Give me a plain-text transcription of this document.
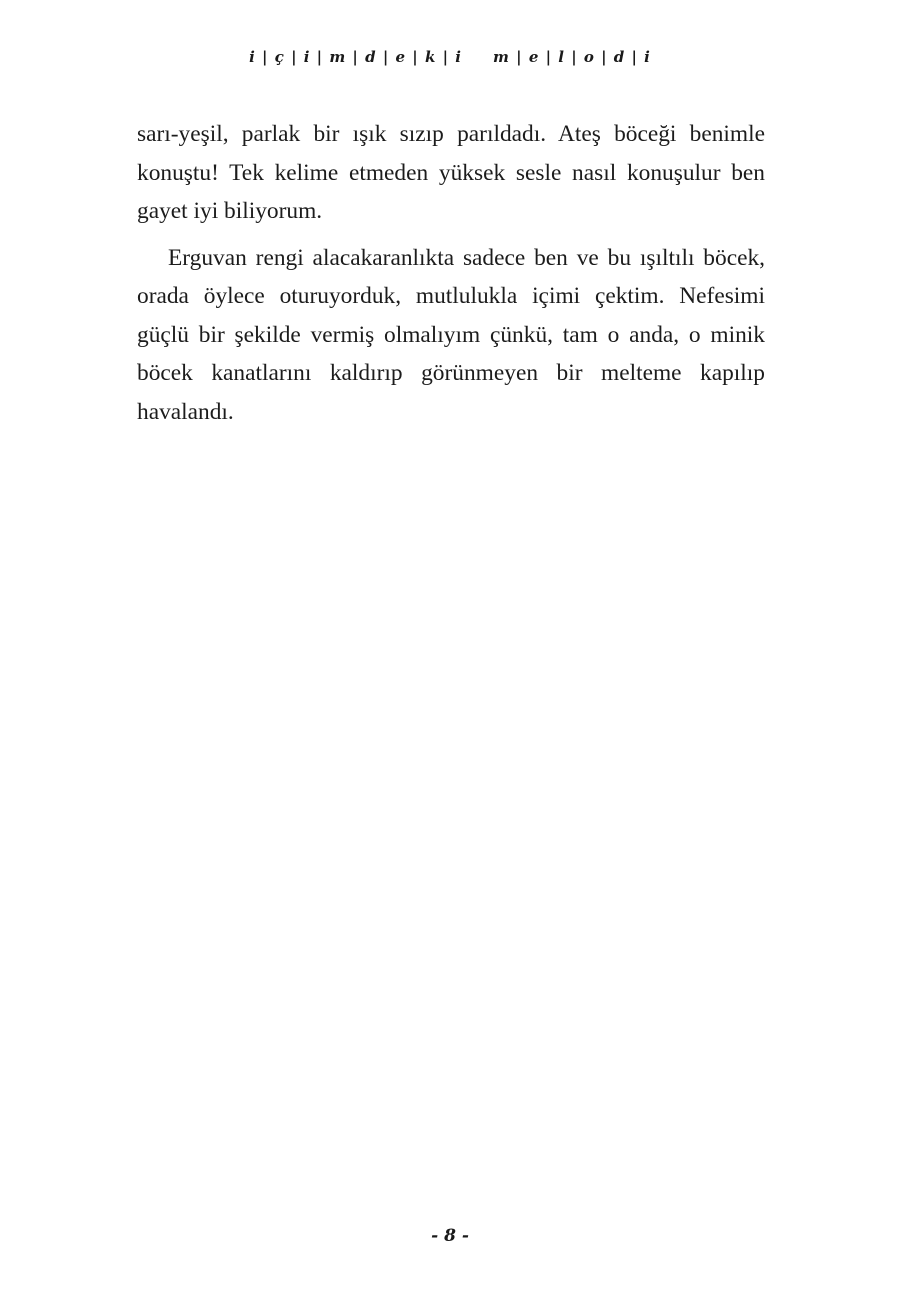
i | ç | i | m | d | e | k | i     m | e | l | o | d | i

sarı-yeşil, parlak bir ışık sızıp parıldadı. Ateş böceği benimle konuştu! Tek kelime etmeden yüksek sesle nasıl konuşulur ben gayet iyi biliyorum.

Erguvan rengi alacakaranlıkta sadece ben ve bu ışıltılı böcek, orada öylece oturuyorduk, mutlulukla içimi çektim. Nefesimi güçlü bir şekilde vermiş olmalıyım çünkü, tam o anda, o minik böcek kanatlarını kaldırıp görünmeyen bir melteme kapılıp havalandı.

- 8 -
